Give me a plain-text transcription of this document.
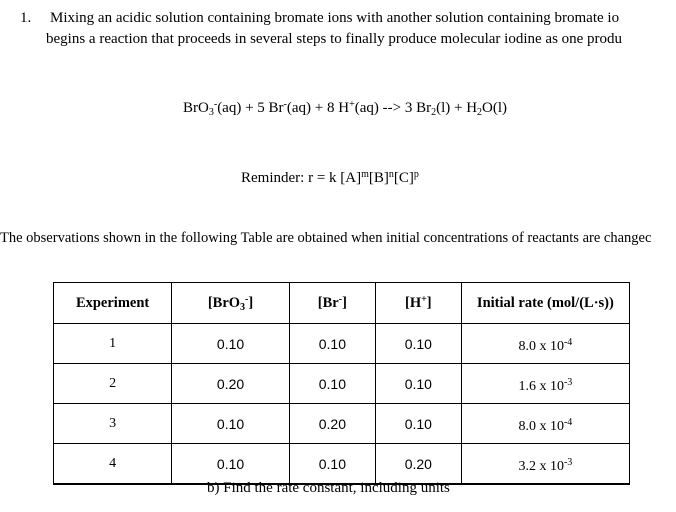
1. Mixing an acidic solution containing bromate ions with another solution containing bromate io
begins a reaction that proceeds in several steps to finally produce molecular iodine as one produ
BrO$_3$-(aq) + 5 Br-(aq) + 8 H+(aq) --> 3 $Br_2(l) + H_2O(l)$
Reminder: r = k $[A]^m[B]^n[C]^p$
The observations shown in the following Table are obtained when initial concentrations of reactants are changec
Experiment	[BrO$_3$-]	[Br-]	[H+]	Initial rate (mol/(L·s))
1	0.10	0.10	0.10	8.0 x $10^{-4}$
2	0.20	0.10	0.10	1.6 x $10^{-3}$
3	0.10	0.20	0.10	8.0 x $10^{-4}$
4	0.10	0.10	0.20	3.2 x $10^{-3}$
b) Find the rate constant, including units
